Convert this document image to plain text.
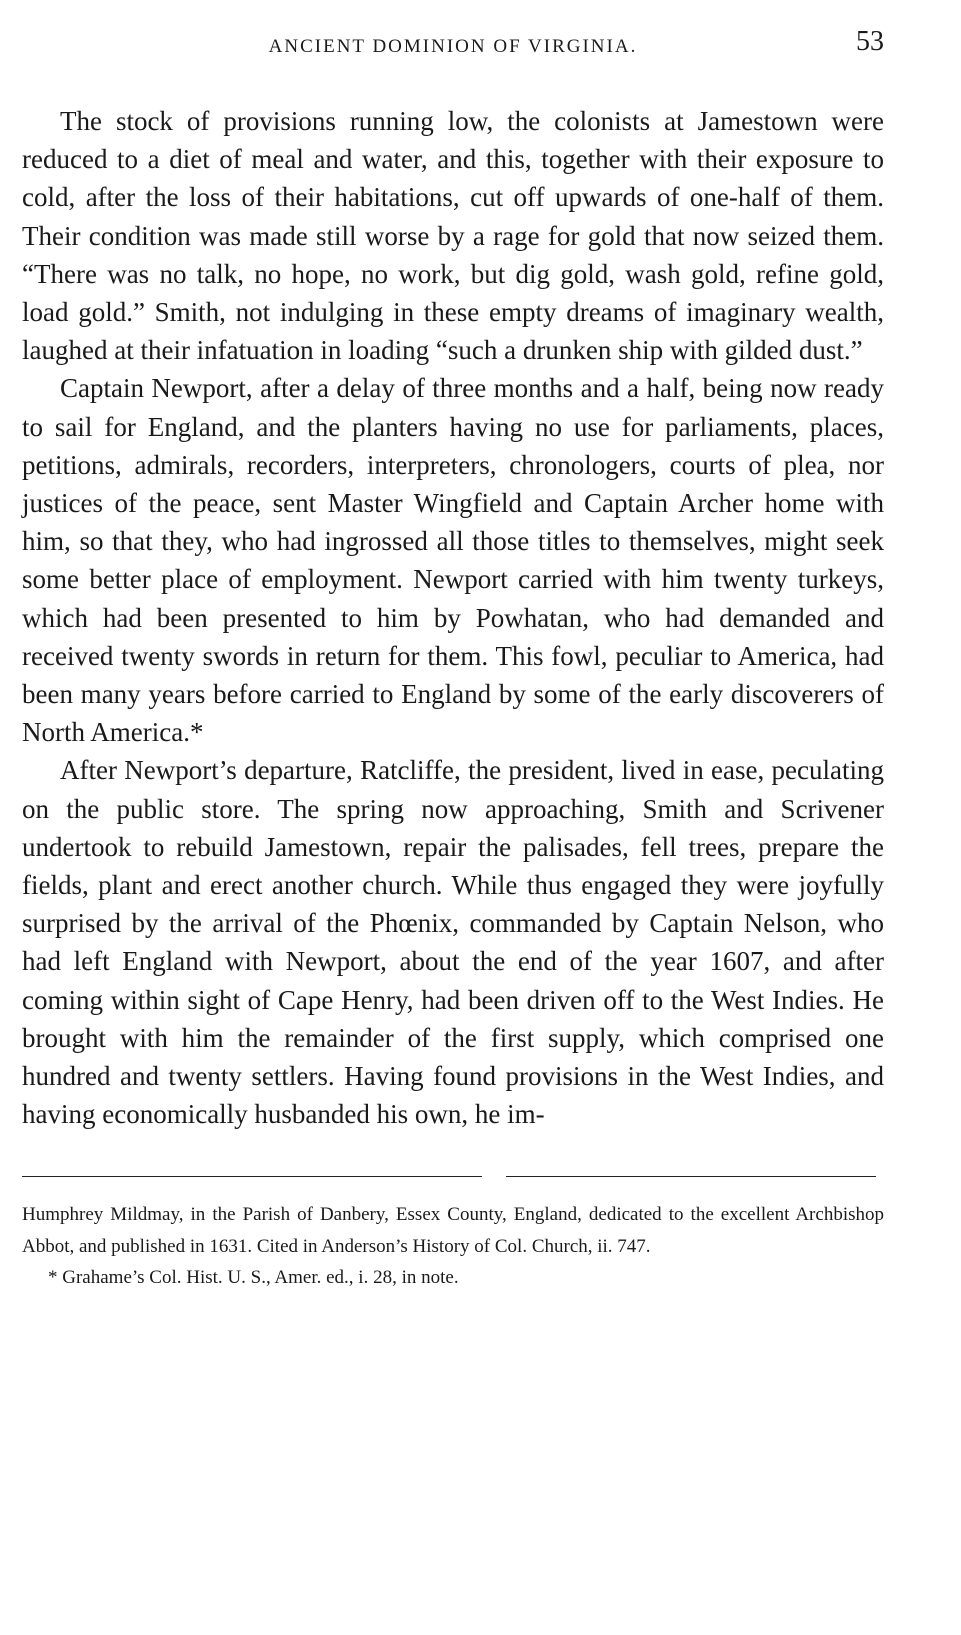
ANCIENT DOMINION OF VIRGINIA.	53

The stock of provisions running low, the colonists at Jamestown were reduced to a diet of meal and water, and this, together with their exposure to cold, after the loss of their habitations, cut off upwards of one-half of them. Their condition was made still worse by a rage for gold that now seized them. “There was no talk, no hope, no work, but dig gold, wash gold, refine gold, load gold.” Smith, not indulging in these empty dreams of imaginary wealth, laughed at their infatuation in loading “such a drunken ship with gilded dust.”

Captain Newport, after a delay of three months and a half, being now ready to sail for England, and the planters having no use for parliaments, places, petitions, admirals, recorders, interpreters, chronologers, courts of plea, nor justices of the peace, sent Master Wingfield and Captain Archer home with him, so that they, who had ingrossed all those titles to themselves, might seek some better place of employment. Newport carried with him twenty turkeys, which had been presented to him by Powhatan, who had demanded and received twenty swords in return for them. This fowl, peculiar to America, had been many years before carried to England by some of the early discoverers of North America.*

After Newport’s departure, Ratcliffe, the president, lived in ease, peculating on the public store. The spring now approaching, Smith and Scrivener undertook to rebuild Jamestown, repair the palisades, fell trees, prepare the fields, plant and erect another church. While thus engaged they were joyfully surprised by the arrival of the Phœnix, commanded by Captain Nelson, who had left England with Newport, about the end of the year 1607, and after coming within sight of Cape Henry, had been driven off to the West Indies. He brought with him the remainder of the first supply, which comprised one hundred and twenty settlers. Having found provisions in the West Indies, and having economically husbanded his own, he im-

Humphrey Mildmay, in the Parish of Danbery, Essex County, England, dedicated to the excellent Archbishop Abbot, and published in 1631. Cited in Anderson’s History of Col. Church, ii. 747.

* Grahame’s Col. Hist. U. S., Amer. ed., i. 28, in note.
